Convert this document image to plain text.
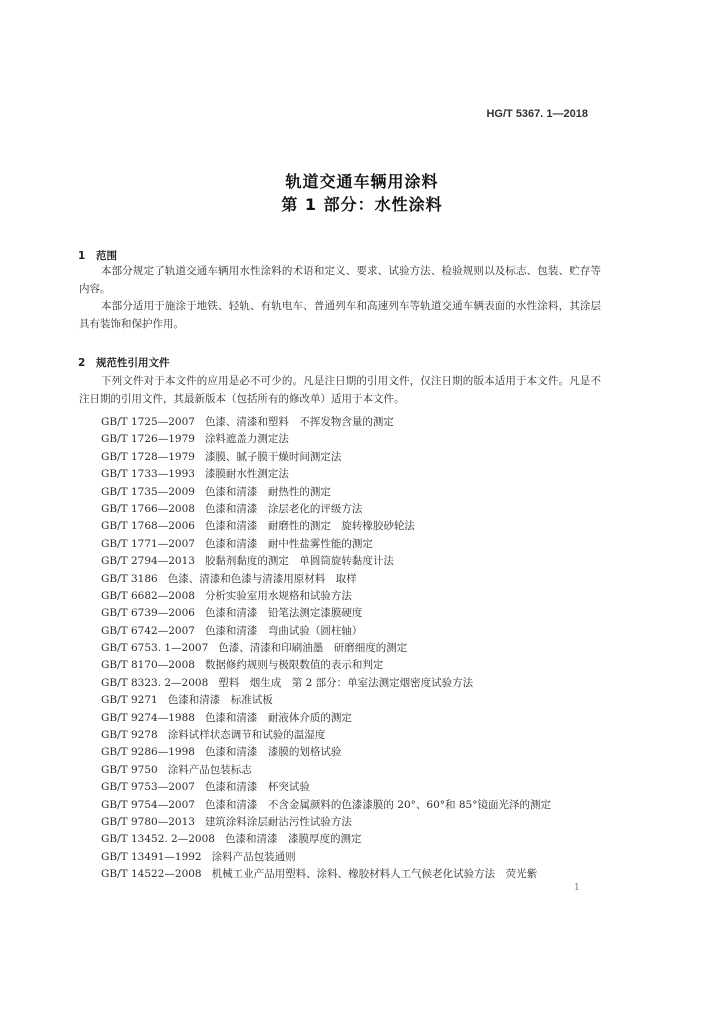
HG/T 5367. 1—2018
轨道交通车辆用涂料
第 1 部分：水性涂料
1 范围

本部分规定了轨道交通车辆用水性涂料的术语和定义、要求、试验方法、检验规则以及标志、包装、贮存等内容。

本部分适用于施涂于地铁、轻轨、有轨电车、普通列车和高速列车等轨道交通车辆表面的水性涂料，其涂层具有装饰和保护作用。

2 规范性引用文件

下列文件对于本文件的应用是必不可少的。凡是注日期的引用文件，仅注日期的版本适用于本文件。凡是不注日期的引用文件，其最新版本（包括所有的修改单）适用于本文件。

GB/T 1725—2007 色漆、清漆和塑料　不挥发物含量的测定
GB/T 1726—1979 涂料遮盖力测定法
GB/T 1728—1979 漆膜、腻子膜干燥时间测定法
GB/T 1733—1993 漆膜耐水性测定法
GB/T 1735—2009 色漆和清漆　耐热性的测定
GB/T 1766—2008 色漆和清漆　涂层老化的评级方法
GB/T 1768—2006 色漆和清漆　耐磨性的测定　旋转橡胶砂轮法
GB/T 1771—2007 色漆和清漆　耐中性盐雾性能的测定
GB/T 2794—2013 胶黏剂黏度的测定　单圆筒旋转黏度计法
GB/T 3186 色漆、清漆和色漆与清漆用原材料　取样
GB/T 6682—2008 分析实验室用水规格和试验方法
GB/T 6739—2006 色漆和清漆　铅笔法测定漆膜硬度
GB/T 6742—2007 色漆和清漆　弯曲试验（圆柱轴）
GB/T 6753. 1—2007 色漆、清漆和印刷油墨　研磨细度的测定
GB/T 8170—2008 数据修约规则与极限数值的表示和判定
GB/T 8323. 2—2008 塑料　烟生成　第 2 部分：单室法测定烟密度试验方法
GB/T 9271 色漆和清漆　标准试板
GB/T 9274—1988 色漆和清漆　耐液体介质的测定
GB/T 9278 涂料试样状态调节和试验的温湿度
GB/T 9286—1998 色漆和清漆　漆膜的划格试验
GB/T 9750 涂料产品包装标志
GB/T 9753—2007 色漆和清漆　杯突试验
GB/T 9754—2007 色漆和清漆　不含金属颜料的色漆漆膜的 20°、60°和 85°镜面光泽的测定
GB/T 9780—2013 建筑涂料涂层耐沾污性试验方法
GB/T 13452. 2—2008 色漆和清漆　漆膜厚度的测定
GB/T 13491—1992 涂料产品包装通则
GB/T 14522—2008 机械工业产品用塑料、涂料、橡胶材料人工气候老化试验方法　荧光紫
1
